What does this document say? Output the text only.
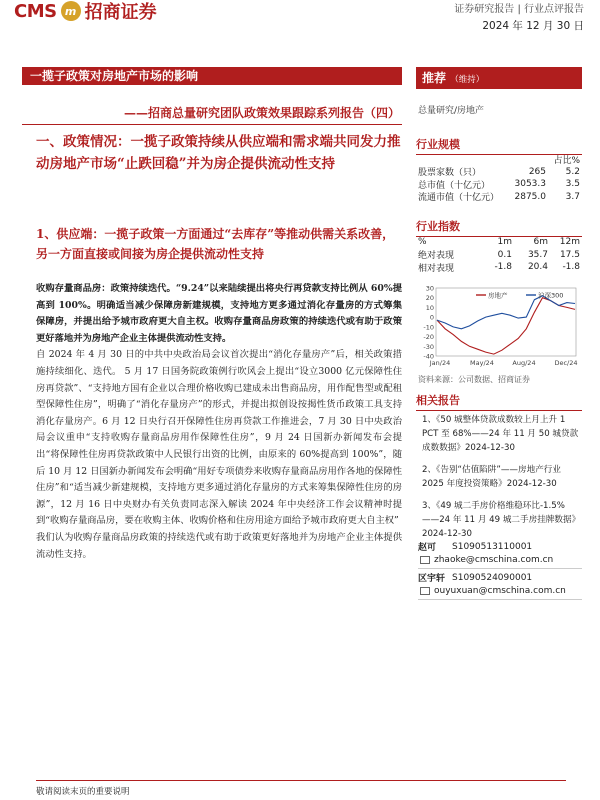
CMS m 招商证券	证券研究报告 | 行业点评报告
2024 年 12 月 30 日
一揽子政策对房地产市场的影响
——招商总量研究团队政策效果跟踪系列报告（四）
一、政策情况：一揽子政策持续从供应端和需求端共同发力推动房地产市场“止跌回稳”并为房企提供流动性支持
1、供应端：一揽子政策一方面通过“去库存”等推动供需关系改善，另一方面直接或间接为房企提供流动性支持

收购存量商品房：政策持续迭代。“9.24”以来陆续提出将央行再贷款支持比例从 60%提高到 100%。明确适当减少保障房新建规模，支持地方更多通过消化存量房的方式筹集保障房，并提出给予城市政府更大自主权。收购存量商品房政策的持续迭代或有助于政策更好落地并为房地产企业主体提供流动性支持。

自 2024 年 4 月 30 日的中共中央政治局会议首次提出“消化存量房产”后，相关政策措施持续细化、迭代。 5 月 17 日国务院政策例行吹风会上提出“设立3000 亿元保障性住房再贷款”、“支持地方国有企业以合理价格收购已建成未出售商品房，用作配售型或配租型保障性住房”，明确了“消化存量房产”的形式，并提出拟创设按揭性货币政策工具支持消化存量房产。6 月 12 日央行召开保障性住房再贷款工作推进会，7 月 30 日中央政治局会议重申“支持收购存量商品房用作保障性住房”，9 月 24 日国新办新闻发布会提出“将保障性住房再贷款政策中人民银行出资的比例，由原来的 60%提高到 100%”，随后 10 月 12 日国新办新闻发布会明确“用好专项债券来收购存量商品房用作各地的保障性住房”和“适当减少新建规模，支持地方更多通过消化存量房的方式来筹集保障性住房的房源”，12 月 16 日中央财办有关负责同志深入解读 2024 年中央经济工作会议精神时提到“收购存量商品房，要在收购主体、收购价格和住房用途方面给予城市政府更大自主权”

我们认为收购存量商品房政策的持续迭代或有助于政策更好落地并为房地产企业主体提供流动性支持。

敬请阅读末页的重要说明
推荐 （维持）
总量研究/房地产
行业规模
占比%
股票家数（只）	265	5.2
总市值（十亿元）	3053.3	3.5
流通市值（十亿元）	2875.0	3.7
行业指数
%	1m	6m	12m
绝对表现	0.1	35.7	17.5
相对表现	-1.8	20.4	-1.8
30
20
10
0
-10
-20
-30
-40
Jan/24	May/24	Aug/24	Dec/24
房地产	沪深300
资料来源：公司数据、招商证券
相关报告
1、《50 城整体贷款成数较上月上升 1 PCT 至 68%——24 年 11 月 50 城贷款成数数据》2024-12-30
2、《告别“估值陷阱”——房地产行业 2025 年度投资策略》2024-12-30
3、《49 城二手房价格维稳环比-1.5%——24 年 11 月 49 城二手房挂牌数据》2024-12-30
赵可	S1090513110001
zhaoke@cmschina.com.cn
区宇轩 S1090524090001
ouyuxuan@cmschina.com.cn
